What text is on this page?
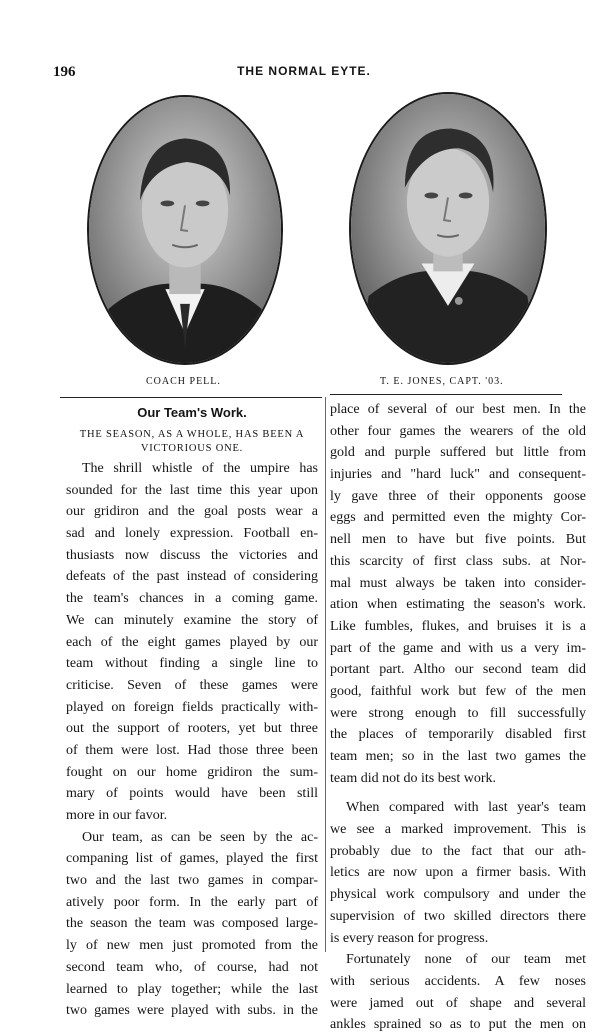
196	THE NORMAL EYTE.
COACH PELL.	T. E. JONES, CAPT. '03.
Our Team's Work.
THE SEASON, AS A WHOLE, HAS BEEN A
VICTORIOUS ONE.
The shrill whistle of the umpire has
sounded for the last time this year upon
our gridiron and the goal posts wear a
sad and lonely expression. Football en-
thusiasts now discuss the victories and
defeats of the past instead of considering
the team's chances in a coming game.
We can minutely examine the story of
each of the eight games played by our
team without finding a single line to
criticise. Seven of these games were
played on foreign fields practically with-
out the support of rooters, yet but three
of them were lost. Had those three been
fought on our home gridiron the sum-
mary of points would have been still
more in our favor.
Our team, as can be seen by the ac-
companing list of games, played the first
two and the last two games in compar-
atively poor form. In the early part of
the season the team was composed large-
ly of new men just promoted from the
second team who, of course, had not
learned to play together; while the last
two games were played with subs. in the
place of several of our best men. In the
other four games the wearers of the old
gold and purple suffered but little from
injuries and "hard luck" and consequent-
ly gave three of their opponents goose
eggs and permitted even the mighty Cor-
nell men to have but five points. But
this scarcity of first class subs. at Nor-
mal must always be taken into consider-
ation when estimating the season's work.
Like fumbles, flukes, and bruises it is a
part of the game and with us a very im-
portant part. Altho our second team did
good, faithful work but few of the men
were strong enough to fill successfully
the places of temporarily disabled first
team men; so in the last two games the
team did not do its best work.
When compared with last year's team
we see a marked improvement. This is
probably due to the fact that our ath-
letics are now upon a firmer basis. With
physical work compulsory and under the
supervision of two skilled directors there
is every reason for progress.
Fortunately none of our team met
with serious accidents. A few noses
were jamed out of shape and several
ankles sprained so as to put the men on
